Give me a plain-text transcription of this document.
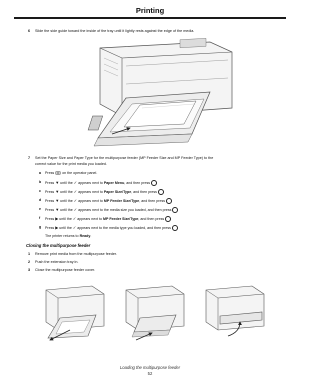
Printing
6 Slide the side guide toward the inside of the tray until it lightly rests against the edge of the media.
7 Set the Paper Size and Paper Type for the multipurpose feeder (MP Feeder Size and MP Feeder Type) to the
correct value for the print media you loaded.
a Press on the operator panel.
b Press ▼ until the ✓ appears next to Paper Menu, and then press
c Press ▼ until the ✓ appears next to Paper Size/Type, and then press
d Press ▼ until the ✓ appears next to MP Feeder Size/Type, and then press
e Press ▼ until the ✓ appears next to the media size you loaded, and then press
f Press ▶ until the ✓ appears next to MP Feeder Size/Type, and then press
g Press ▶ until the ✓ appears next to the media type you loaded, and then press
The printer returns to Ready.
Closing the multipurpose feeder
1 Remove print media from the multipurpose feeder.
2 Push the extension tray in.
3 Close the multipurpose feeder cover.
Loading the multipurpose feeder
52
